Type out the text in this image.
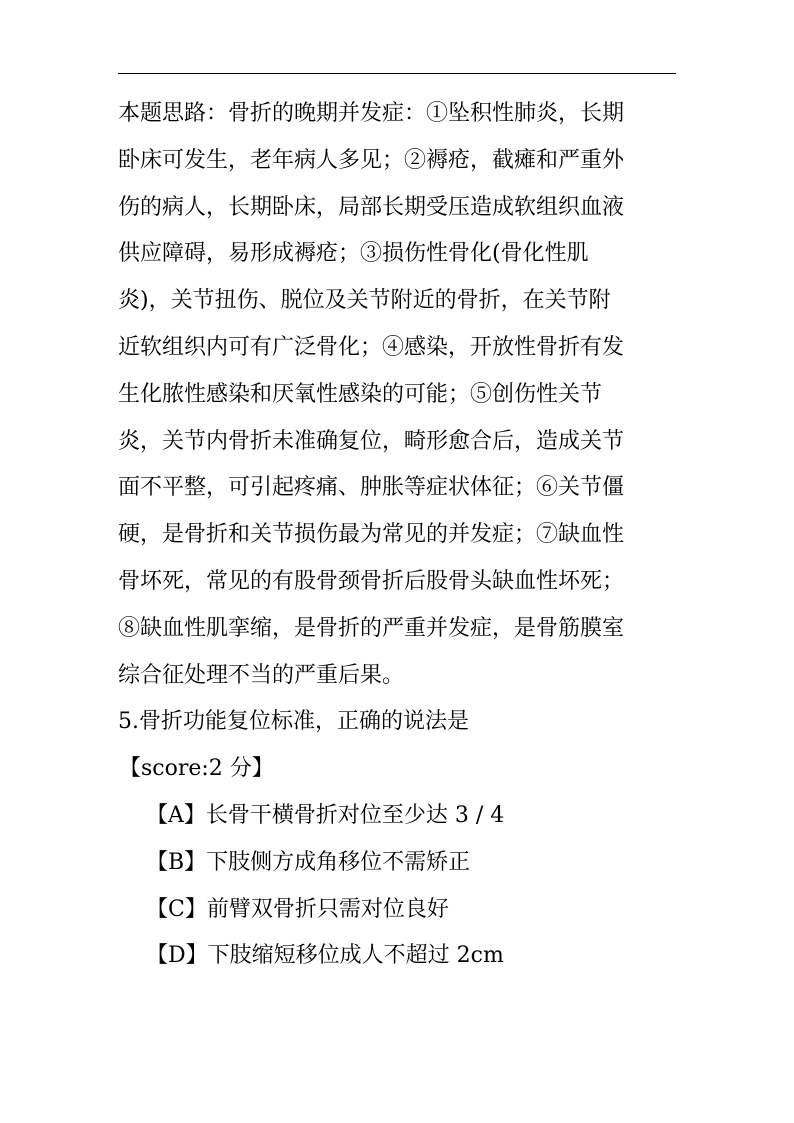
本题思路：骨折的晚期并发症：①坠积性肺炎，长期
卧床可发生，老年病人多见；②褥疮，截瘫和严重外
伤的病人，长期卧床，局部长期受压造成软组织血液
供应障碍，易形成褥疮；③损伤性骨化(骨化性肌
炎)，关节扭伤、脱位及关节附近的骨折，在关节附
近软组织内可有广泛骨化；④感染，开放性骨折有发
生化脓性感染和厌氧性感染的可能；⑤创伤性关节
炎，关节内骨折未准确复位，畸形愈合后，造成关节
面不平整，可引起疼痛、肿胀等症状体征；⑥关节僵
硬，是骨折和关节损伤最为常见的并发症；⑦缺血性
骨坏死，常见的有股骨颈骨折后股骨头缺血性坏死；
⑧缺血性肌挛缩，是骨折的严重并发症，是骨筋膜室
综合征处理不当的严重后果。
5.骨折功能复位标准，正确的说法是
【score:2 分】
【A】长骨干横骨折对位至少达 3 / 4
【B】下肢侧方成角移位不需矫正
【C】前臂双骨折只需对位良好
【D】下肢缩短移位成人不超过 2cm
